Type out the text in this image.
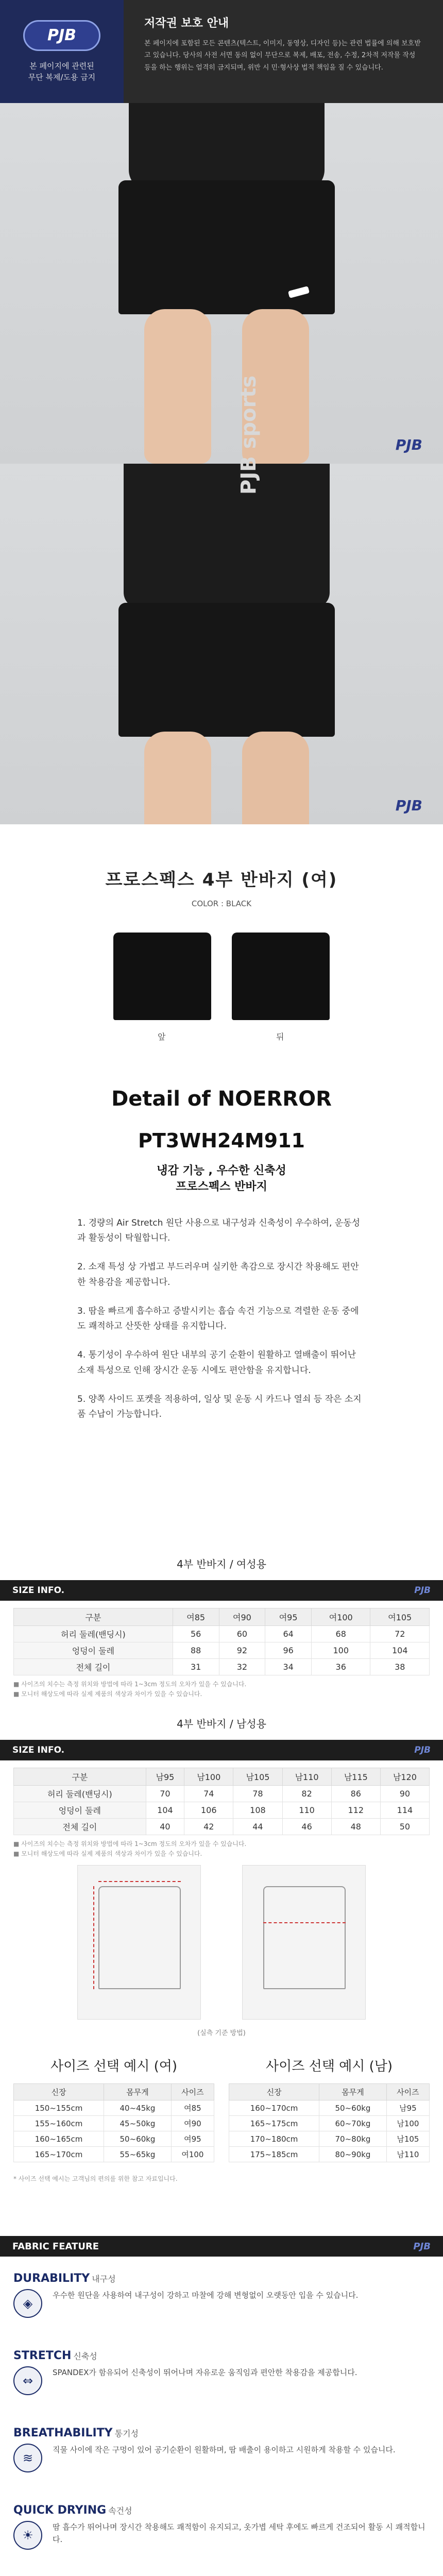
PJB
본 페이지에 관련된
무단 복제/도용 금지
저작권 보호 안내

본 페이지에 포함된 모든 콘텐츠(텍스트, 이미지, 동영상, 디자인 등)는 관련 법률에 의해 보호받고 있습니다. 당사의 사전 서면 동의 없이 무단으로 복제, 배포, 전송, 수정, 2차적 저작물 작성 등을 하는 행위는 엄격히 금지되며, 위반 시 민·형사상 법적 책임을 질 수 있습니다.

PJB
PJB sports
PJB
프로스펙스 4부 반바지 (여)
COLOR : BLACK
앞	뒤
Detail of NOERROR
PT3WH24M911
냉감 기능 , 우수한 신축성
프로스펙스 반바지
1. 경량의 Air Stretch 원단 사용으로 내구성과 신축성이 우수하여, 운동성과 활동성이 탁월합니다.
2. 소재 특성 상 가볍고 부드러우며 실키한 촉감으로 장시간 착용해도 편안한 착용감을 제공합니다.
3. 땀을 빠르게 흡수하고 증발시키는 흡습 속건 기능으로 격렬한 운동 중에도 쾌적하고 산뜻한 상태를 유지합니다.
4. 통기성이 우수하여 원단 내부의 공기 순환이 원활하고 열배출이 뛰어난 소재 특성으로 인해 장시간 운동 시에도 편안함을 유지합니다.
5. 양쪽 사이드 포켓을 적용하여, 일상 및 운동 시 카드나 열쇠 등 작은 소지품 수납이 가능합니다.
4부 반바지 / 여성용
SIZE INFO.	PJB
구분	여85	여90	여95	여100	여105
허리 둘레(밴딩시)	56	60	64	68	72
엉덩이 둘레	88	92	96	100	104
전체 길이	31	32	34	36	38
■ 사이즈의 치수는 측정 위치와 방법에 따라 1~3cm 정도의 오차가 있을 수 있습니다.
■ 모니터 해상도에 따라 실제 제품의 색상과 차이가 있을 수 있습니다.
4부 반바지 / 남성용
SIZE INFO.	PJB
구분	남95	남100	남105	남110	남115	남120
허리 둘레(밴딩시)	70	74	78	82	86	90
엉덩이 둘레	104	106	108	110	112	114
전체 길이	40	42	44	46	48	50
■ 사이즈의 치수는 측정 위치와 방법에 따라 1~3cm 정도의 오차가 있을 수 있습니다.
■ 모니터 해상도에 따라 실제 제품의 색상과 차이가 있을 수 있습니다.
(실측 기준 방법)
사이즈 선택 예시 (여)	사이즈 선택 예시 (남)
신장	몸무게	사이즈
150~155cm	40~45kg	여85
155~160cm	45~50kg	여90
160~165cm	50~60kg	여95
165~170cm	55~65kg	여100
신장	몸무게	사이즈
160~170cm	50~60kg	남95
165~175cm	60~70kg	남100
170~180cm	70~80kg	남105
175~185cm	80~90kg	남110
* 사이즈 선택 예시는 고객님의 편의를 위한 참고 자료입니다.
FABRIC FEATURE	PJB
DURABILITY 내구성
◈

우수한 원단을 사용하여 내구성이 강하고 마찰에 강해 변형없이 오랫동안 입을 수 있습니다.

STRETCH 신축성
⇔

SPANDEX가 함유되어 신축성이 뛰어나며 자유로운 움직임과 편안한 착용감을 제공합니다.

BREATHABILITY 통기성
≋

직물 사이에 작은 구멍이 있어 공기순환이 원활하며, 땀 배출이 용이하고 시원하게 착용할 수 있습니다.

QUICK DRYING 속건성
☀

땀 흡수가 뛰어나며 장시간 착용해도 쾌적함이 유지되고, 옷가볍 세탁 후에도 빠르게 건조되어 활동 시 쾌적합니다.
